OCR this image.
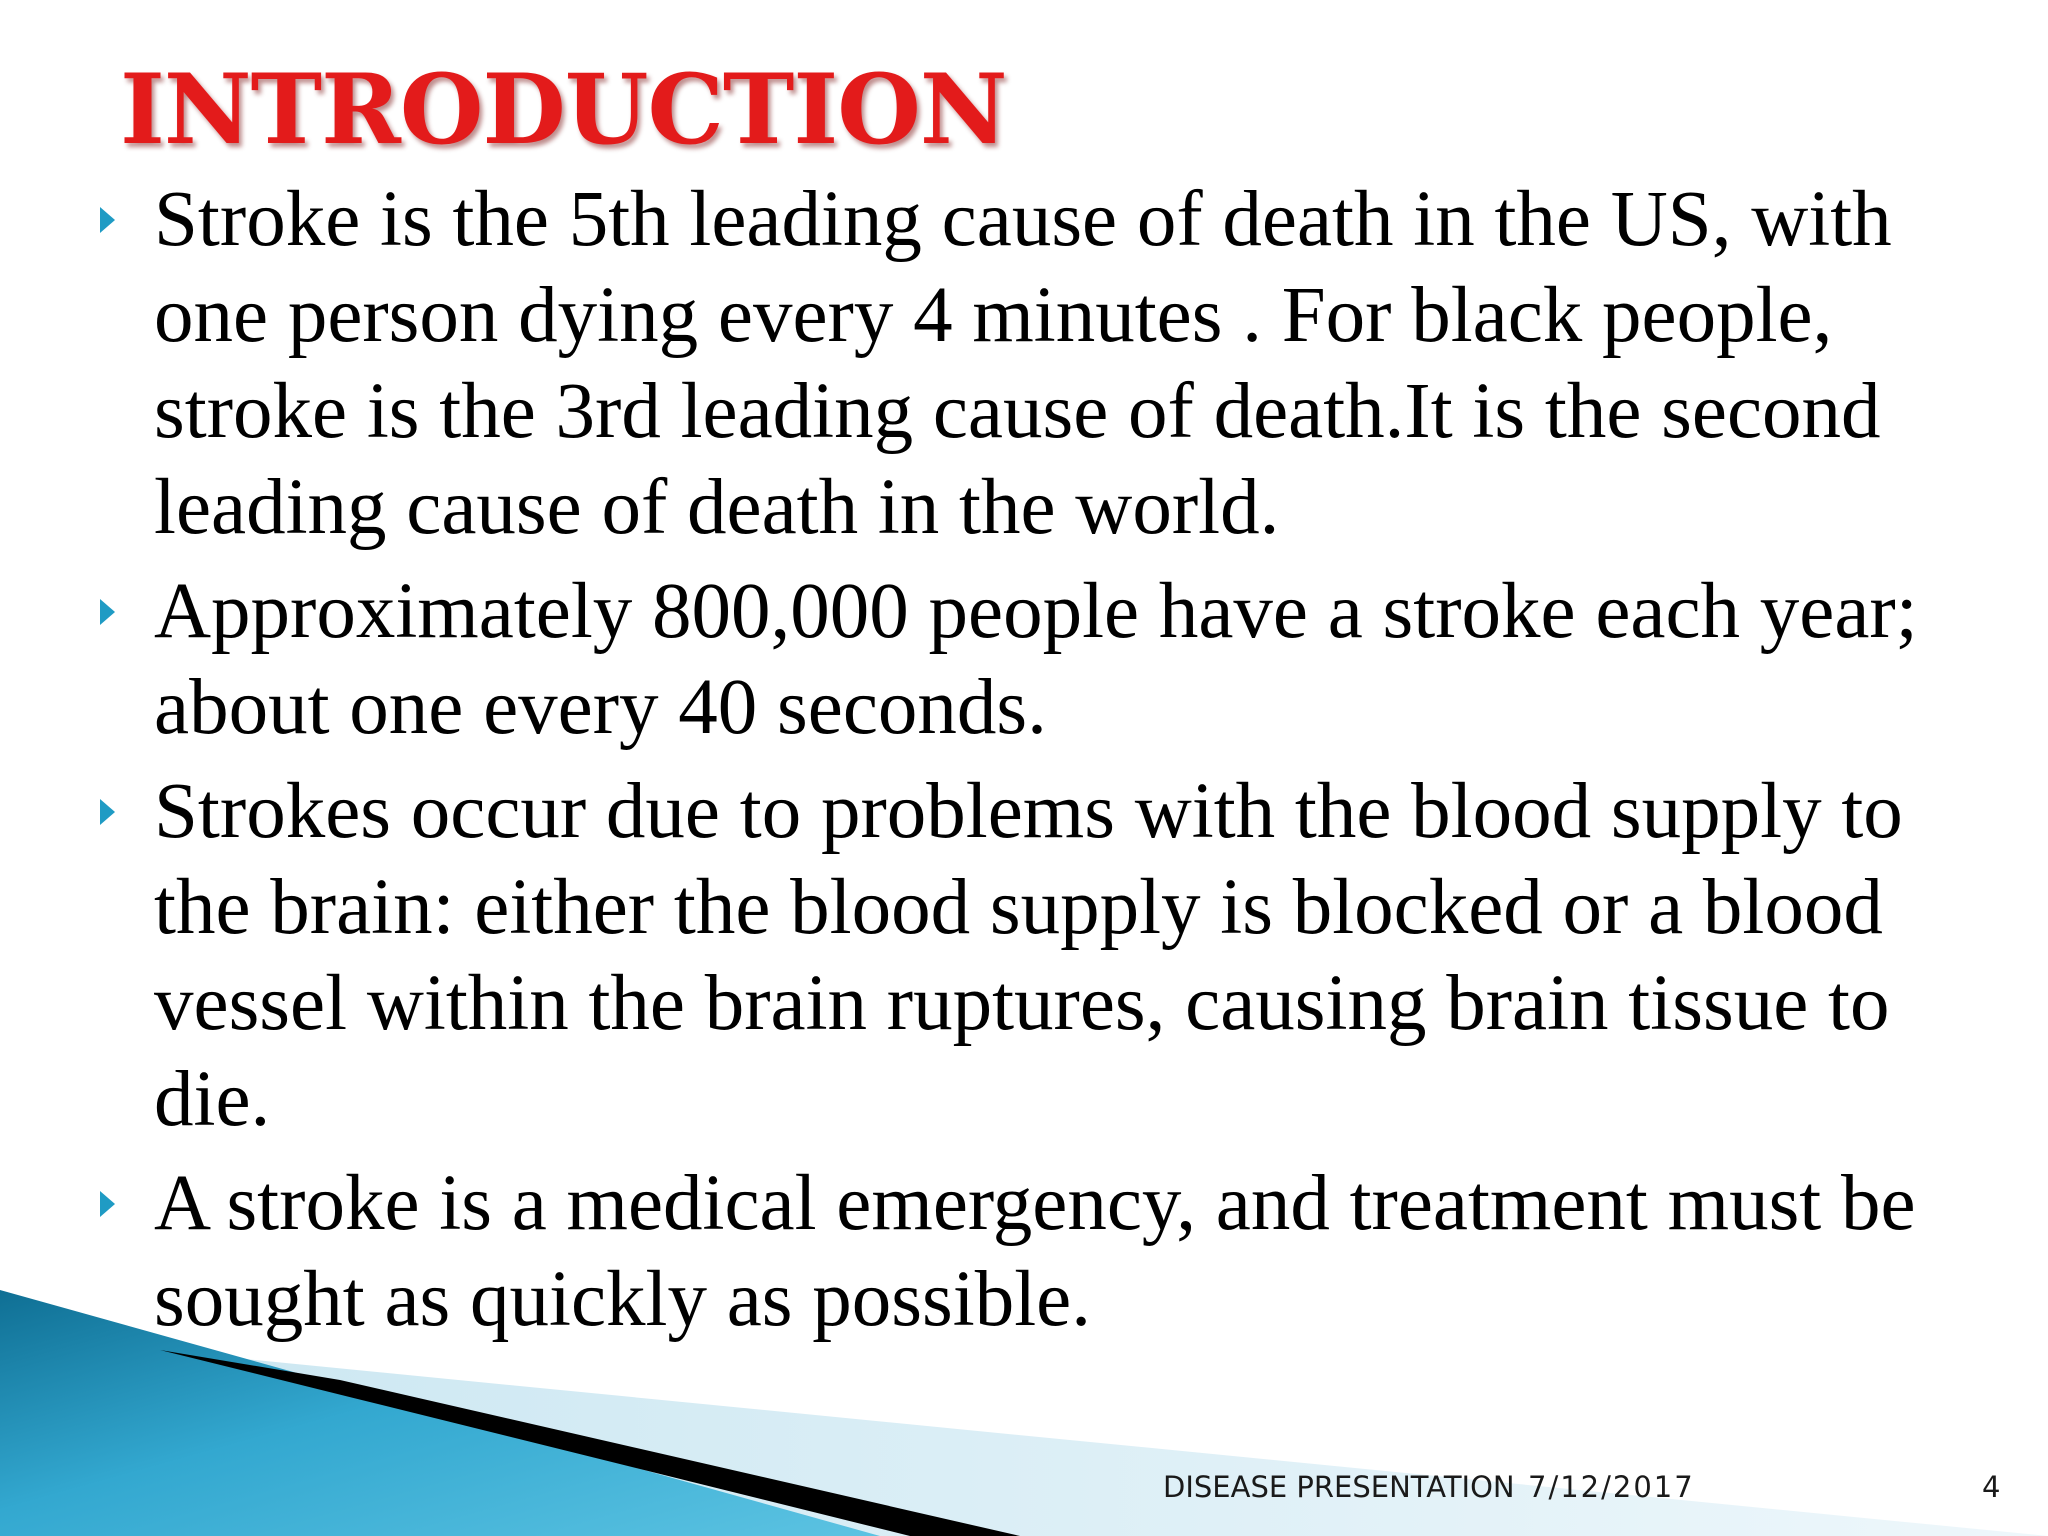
INTRODUCTION
Stroke is the 5th leading cause of death in the US, with one person dying every 4 minutes . For black people, stroke is the 3rd leading cause of death.It is the second leading cause of death in the world.
Approximately 800,000 people have a stroke each year; about one every 40 seconds.
Strokes occur due to problems with the blood supply to the brain: either the blood supply is blocked or a blood vessel within the brain ruptures, causing brain tissue to die.
A stroke is a medical emergency, and treatment must be sought as quickly as possible.
DISEASE PRESENTATION 7/12/2017	4
